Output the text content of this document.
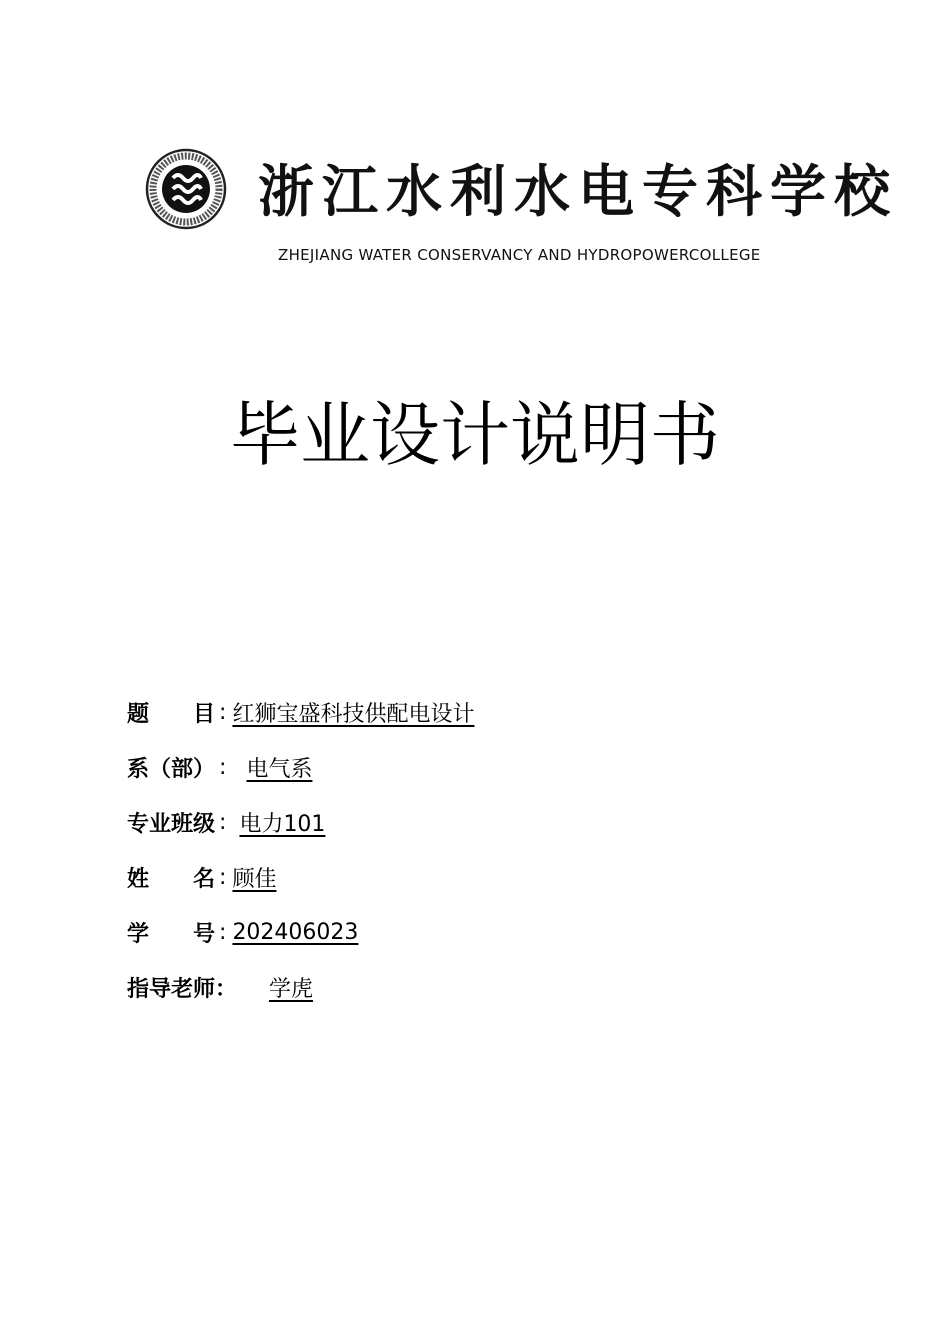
浙江水利水电专科学校
ZHEJIANG WATER CONSERVANCY AND HYDROPOWERCOLLEGE
毕业设计说明书
题　　目 : 红狮宝盛科技供配电设计
系（部） : 电气系
专业班级 : 电力101
姓　　名 : 顾佳
学　　号 : 202406023
指导老师：	学虎
